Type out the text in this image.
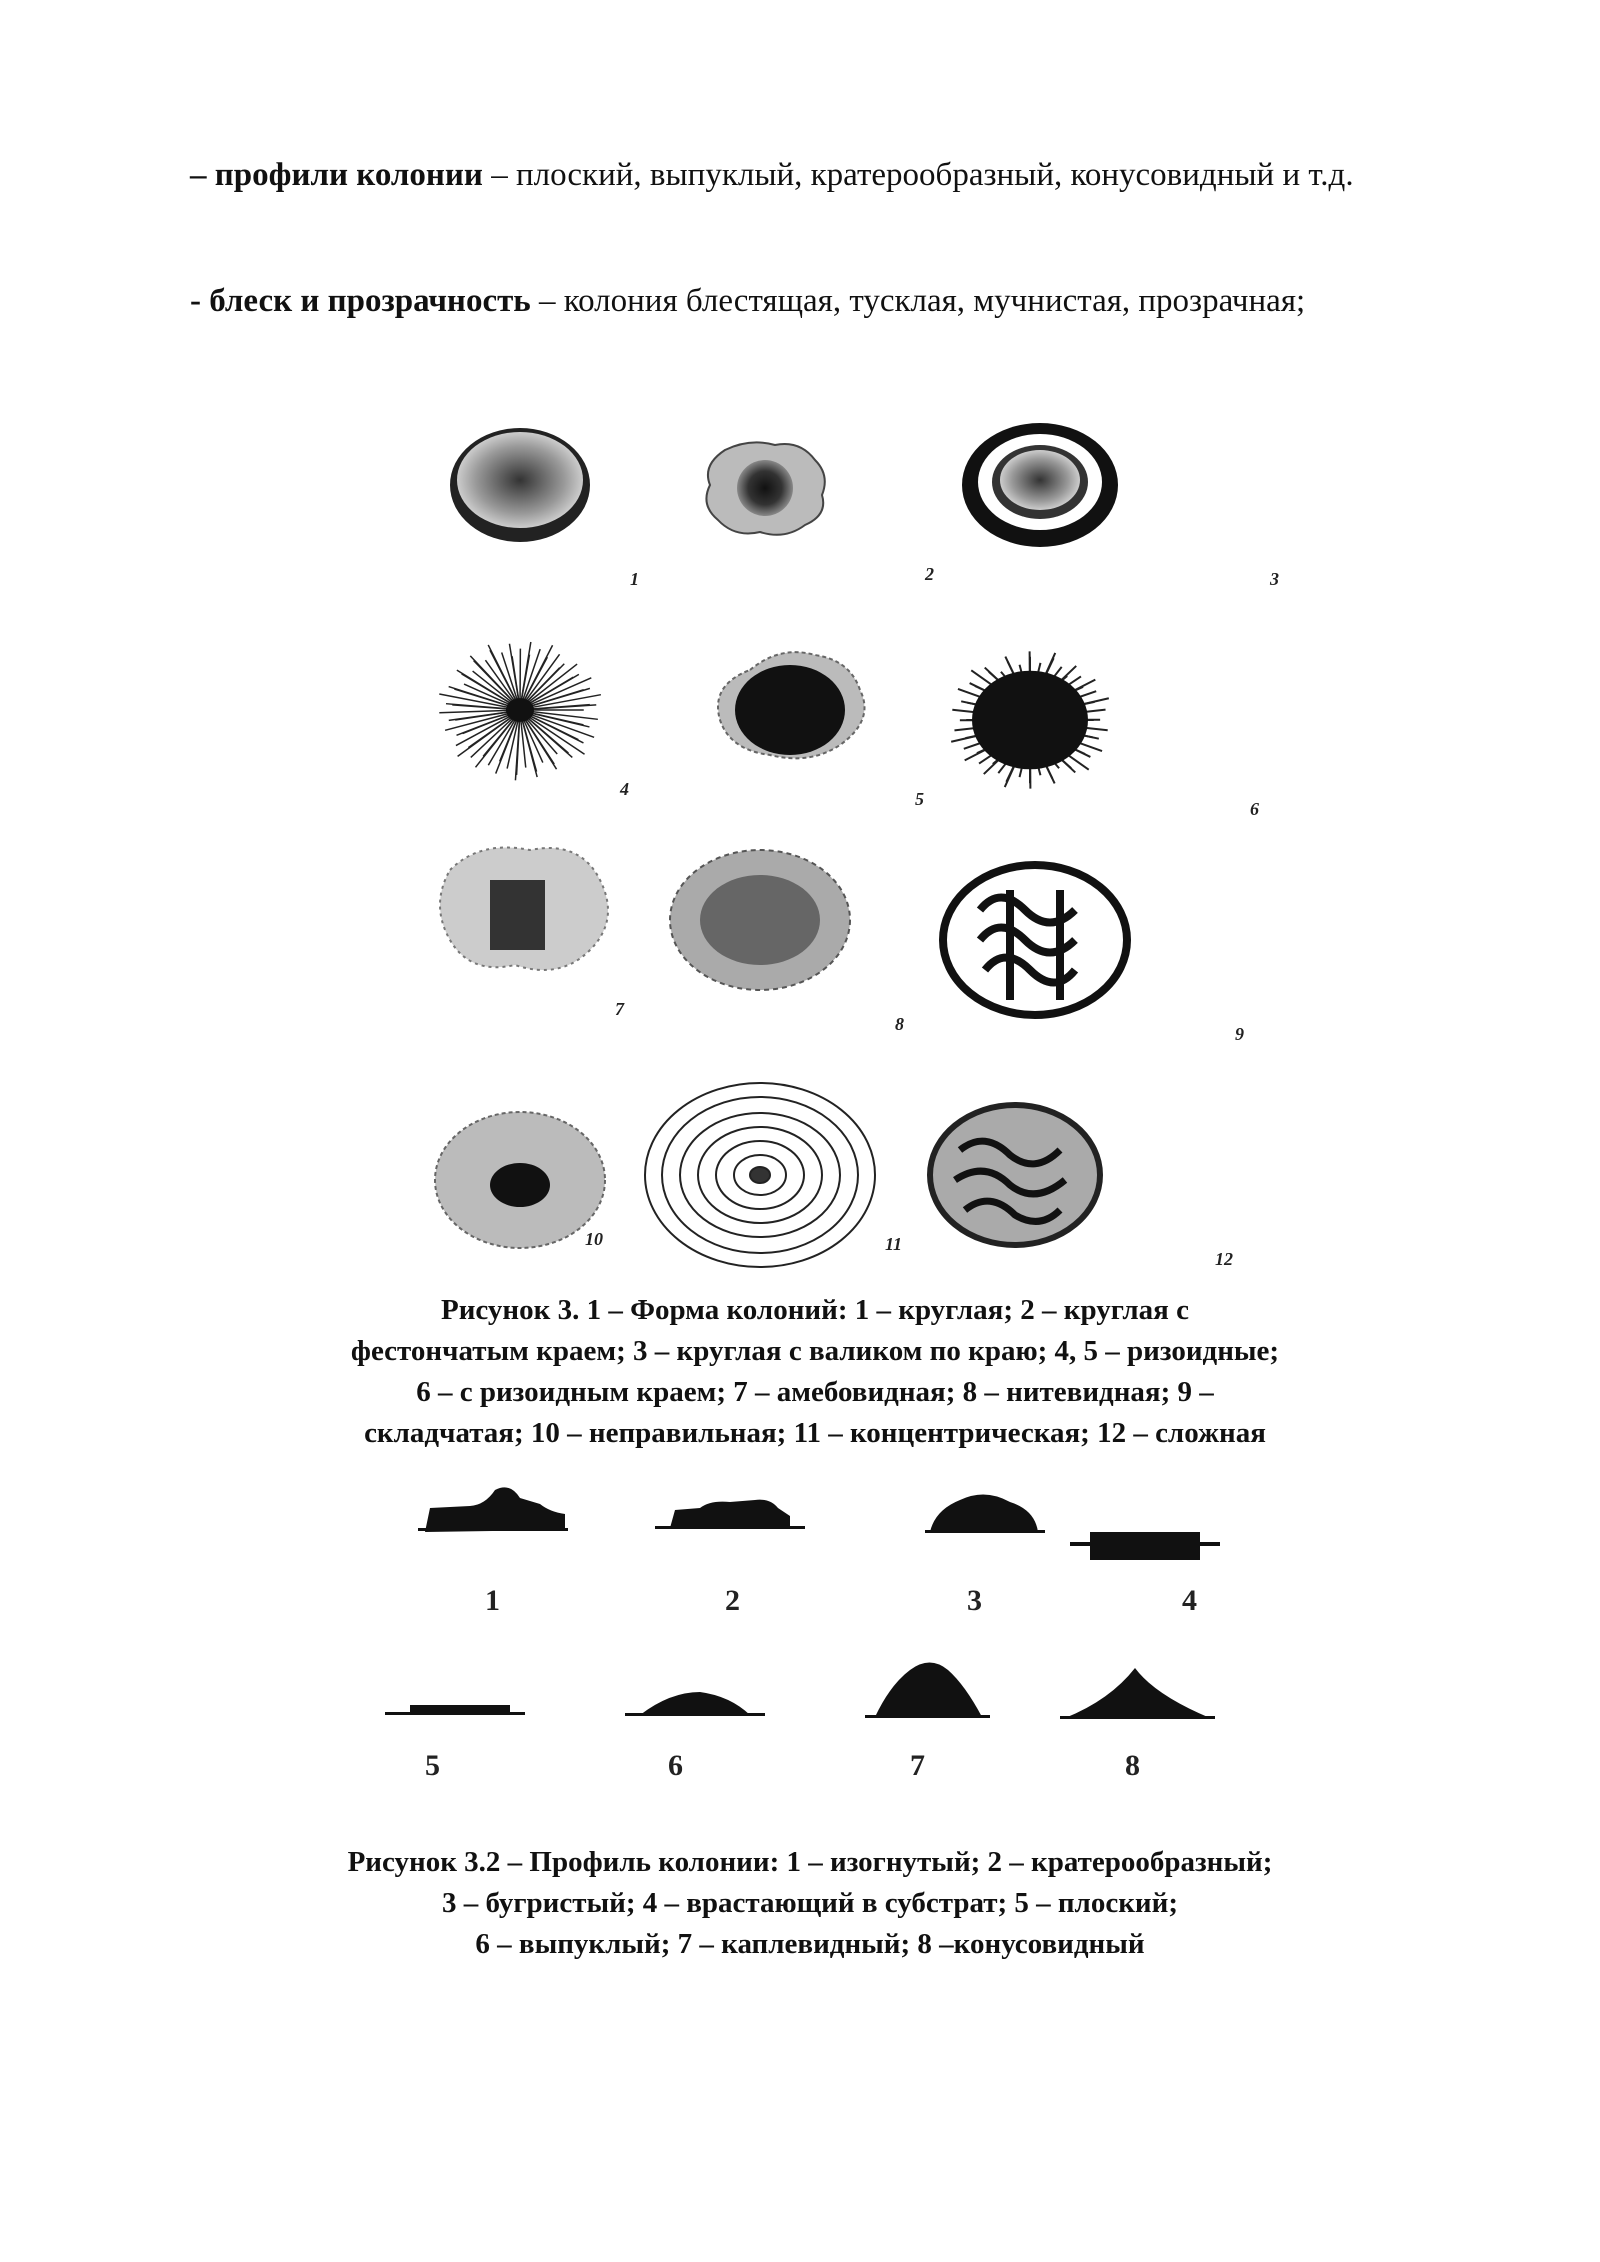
– профили колонии – плоский, выпуклый, кратерообразный, конусовидный и т.д.

- блеск и прозрачность – колония блестящая, тусклая, мучнистая, прозрачная;

1	2	3
4	5	6
7
8	9
10	11
12
Рисунок 3. 1 – Форма колоний: 1 – круглая; 2 – круглая с
фестончатым краем; 3 – круглая с валиком по краю; 4, 5 – ризоидные;
6 – с ризоидным краем; 7 – амебовидная; 8 – нитевидная; 9 –
складчатая; 10 – неправильная; 11 – концентрическая; 12 – сложная
1	2	3	4
5	6	7	8
Рисунок 3.2 – Профиль колонии: 1 – изогнутый; 2 – кратерообразный;
3 – бугристый; 4 – врастающий в субстрат; 5 – плоский;
6 – выпуклый; 7 – каплевидный; 8 –конусовидный
